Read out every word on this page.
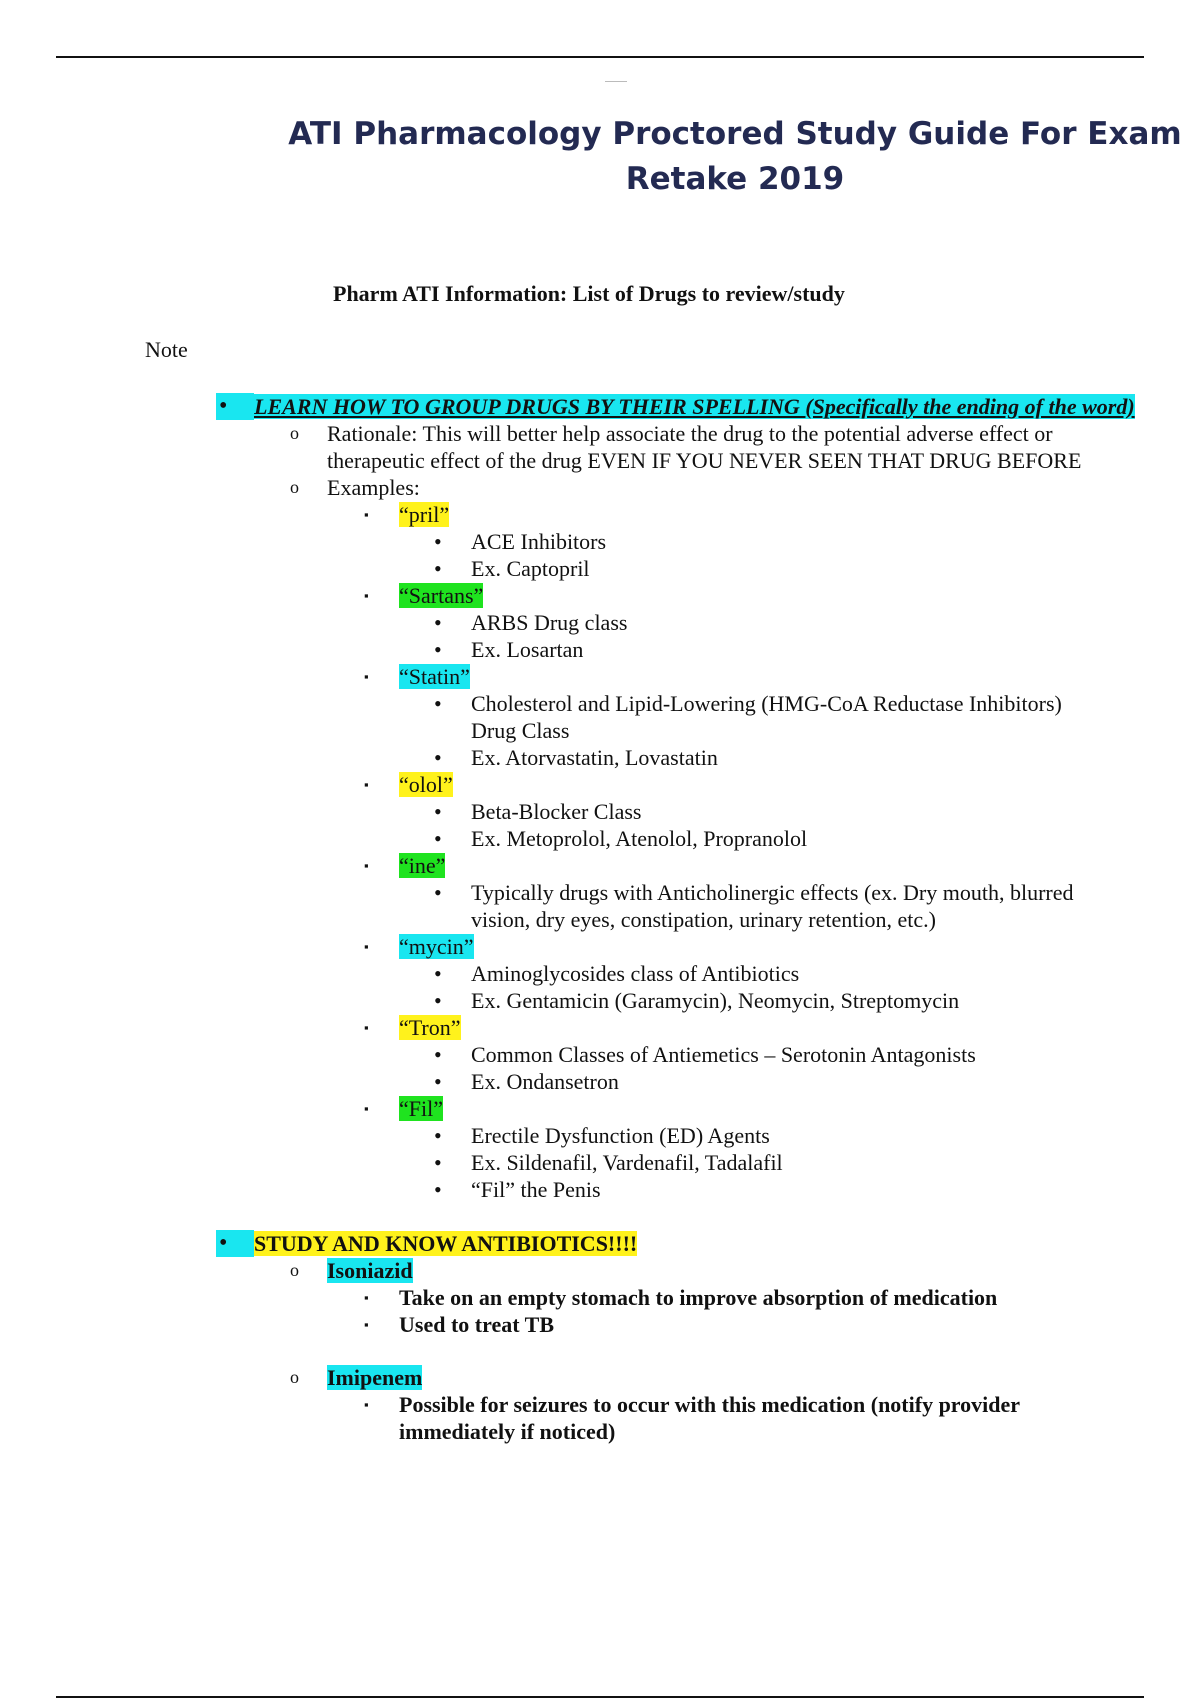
ATI Pharmacology Proctored Study Guide For Exam Retake 2019
Pharm ATI Information: List of Drugs to review/study
Note
• LEARN HOW TO GROUP DRUGS BY THEIR SPELLING (Specifically the ending of the word)
o Rationale: This will better help associate the drug to the potential adverse effect or therapeutic effect of the drug EVEN IF YOU NEVER SEEN THAT DRUG BEFORE
o Examples:
▪ “pril”
• ACE Inhibitors
• Ex. Captopril
▪ “Sartans”
• ARBS Drug class
• Ex. Losartan
▪ “Statin”
• Cholesterol and Lipid-Lowering (HMG-CoA Reductase Inhibitors) Drug Class
• Ex. Atorvastatin, Lovastatin
▪ “olol”
• Beta-Blocker Class
• Ex. Metoprolol, Atenolol, Propranolol
▪ “ine”
• Typically drugs with Anticholinergic effects (ex. Dry mouth, blurred vision, dry eyes, constipation, urinary retention, etc.)
▪ “mycin”
• Aminoglycosides class of Antibiotics
• Ex. Gentamicin (Garamycin), Neomycin, Streptomycin
▪ “Tron”
• Common Classes of Antiemetics – Serotonin Antagonists
• Ex. Ondansetron
▪ “Fil”
• Erectile Dysfunction (ED) Agents
• Ex. Sildenafil, Vardenafil, Tadalafil
• “Fil” the Penis
• STUDY AND KNOW ANTIBIOTICS!!!!
o Isoniazid
▪ Take on an empty stomach to improve absorption of medication
▪ Used to treat TB
o Imipenem
▪ Possible for seizures to occur with this medication (notify provider immediately if noticed)
